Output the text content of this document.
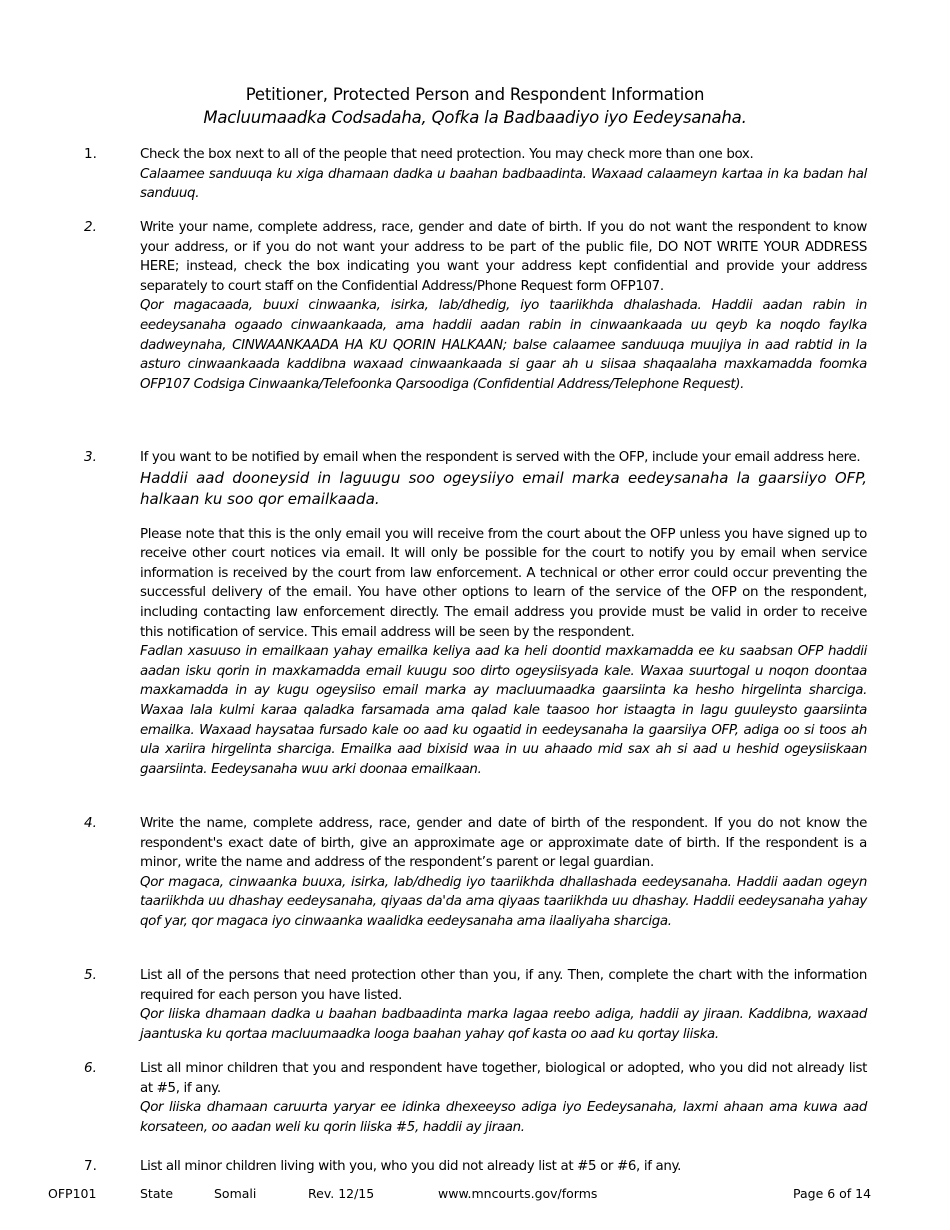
Petitioner, Protected Person and Respondent Information
Macluumaadka Codsadaha, Qofka la Badbaadiyo iyo Eedeysanaha.
1.	Check the box next to all of the people that need protection. You may check more than one box.

Calaamee sanduuqa ku xiga dhamaan dadka u baahan badbaadinta. Waxaad calaameyn kartaa in ka badan hal sanduuq.

2.	Write your name, complete address, race, gender and date of birth. If you do not want the respondent to know your address, or if you do not want your address to be part of the public file, DO NOT WRITE YOUR ADDRESS HERE; instead, check the box indicating you want your address kept confidential and provide your address separately to court staff on the Confidential Address/Phone Request form OFP107.

Qor magacaada, buuxi cinwaanka, isirka, lab/dhedig, iyo taariikhda dhalashada. Haddii aadan rabin in eedeysanaha ogaado cinwaankaada, ama haddii aadan rabin in cinwaankaada uu qeyb ka noqdo faylka dadweynaha, CINWAANKAADA HA KU QORIN HALKAAN; balse calaamee sanduuqa muujiya in aad rabtid in la asturo cinwaankaada kaddibna waxaad cinwaankaada si gaar ah u siisaa shaqaalaha maxkamadda foomka OFP107 Codsiga Cinwaanka/Telefoonka Qarsoodiga (Confidential Address/Telephone Request).

3.	If you want to be notified by email when the respondent is served with the OFP, include your email address here.

Haddii aad dooneysid in laguugu soo ogeysiiyo email marka eedeysanaha la gaarsiiyo OFP, halkaan ku soo qor emailkaada.

Please note that this is the only email you will receive from the court about the OFP unless you have signed up to receive other court notices via email. It will only be possible for the court to notify you by email when service information is received by the court from law enforcement. A technical or other error could occur preventing the successful delivery of the email. You have other options to learn of the service of the OFP on the respondent, including contacting law enforcement directly. The email address you provide must be valid in order to receive this notification of service. This email address will be seen by the respondent.

Fadlan xasuuso in emailkaan yahay emailka keliya aad ka heli doontid maxkamadda ee ku saabsan OFP haddii aadan isku qorin in maxkamadda email kuugu soo dirto ogeysiisyada kale. Waxaa suurtogal u noqon doontaa maxkamadda in ay kugu ogeysiiso email marka ay macluumaadka gaarsiinta ka hesho hirgelinta sharciga. Waxaa lala kulmi karaa qaladka farsamada ama qalad kale taasoo hor istaagta in lagu guuleysto gaarsiinta emailka. Waxaad haysataa fursado kale oo aad ku ogaatid in eedeysanaha la gaarsiiya OFP, adiga oo si toos ah ula xariira hirgelinta sharciga. Emailka aad bixisid waa in uu ahaado mid sax ah si aad u heshid ogeysiiskaan gaarsiinta. Eedeysanaha wuu arki doonaa emailkaan.

4.	Write the name, complete address, race, gender and date of birth of the respondent. If you do not know the respondent's exact date of birth, give an approximate age or approximate date of birth. If the respondent is a minor, write the name and address of the respondent’s parent or legal guardian.

Qor magaca, cinwaanka buuxa, isirka, lab/dhedig iyo taariikhda dhallashada eedeysanaha. Haddii aadan ogeyn taariikhda uu dhashay eedeysanaha, qiyaas da'da ama qiyaas taariikhda uu dhashay. Haddii eedeysanaha yahay qof yar, qor magaca iyo cinwaanka waalidka eedeysanaha ama ilaaliyaha sharciga.

5.	List all of the persons that need protection other than you, if any. Then, complete the chart with the information required for each person you have listed.

Qor liiska dhamaan dadka u baahan badbaadinta marka lagaa reebo adiga, haddii ay jiraan. Kaddibna, waxaad jaantuska ku qortaa macluumaadka looga baahan yahay qof kasta oo aad ku qortay liiska.

6.	List all minor children that you and respondent have together, biological or adopted, who you did not already list at #5, if any.

Qor liiska dhamaan caruurta yaryar ee idinka dhexeeyso adiga iyo Eedeysanaha, laxmi ahaan ama kuwa aad korsateen, oo aadan weli ku qorin liiska #5, haddii ay jiraan.

7.	List all minor children living with you, who you did not already list at #5 or #6, if any.

OFP101	State	Somali	Rev. 12/15	www.mncourts.gov/forms	Page 6 of 14
